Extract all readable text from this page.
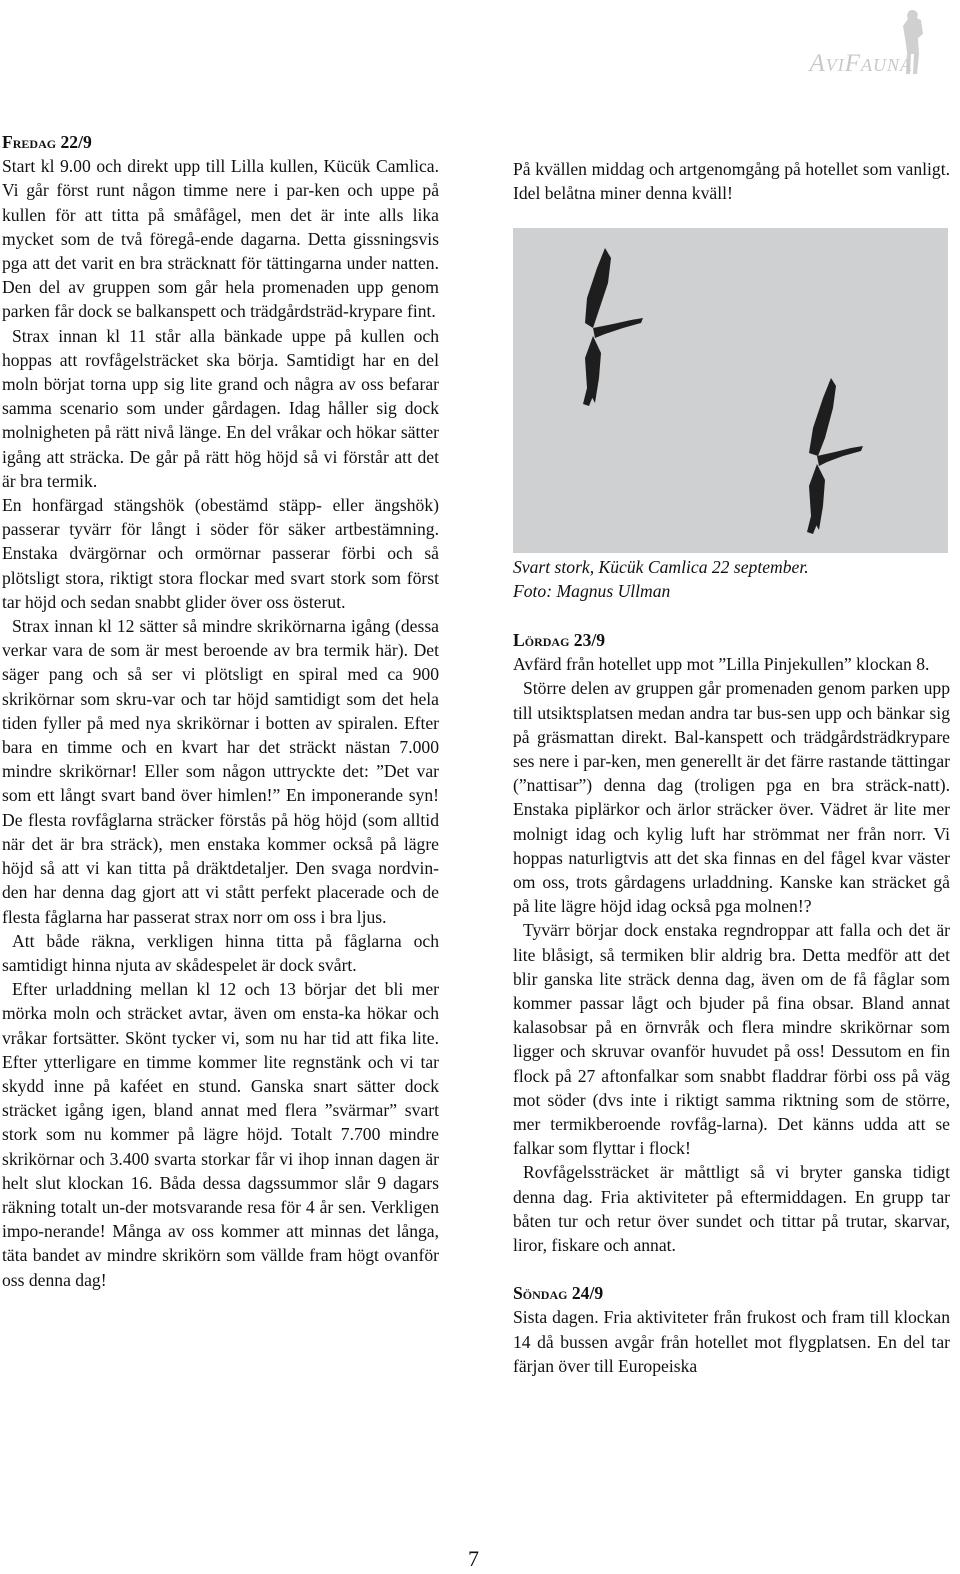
AviFauna

Fredag 22/9

Start kl 9.00 och direkt upp till Lilla kullen, Kücük Camlica. Vi går först runt någon timme nere i par-ken och uppe på kullen för att titta på småfågel, men det är inte alls lika mycket som de två föregå-ende dagarna. Detta gissningsvis pga att det varit en bra sträcknatt för tättingarna under natten. Den del av gruppen som går hela promenaden upp genom parken får dock se balkanspett och trädgårdsträd-krypare fint.

Strax innan kl 11 står alla bänkade uppe på kullen och hoppas att rovfågelsträcket ska börja. Samtidigt har en del moln börjat torna upp sig lite grand och några av oss befarar samma scenario som under gårdagen. Idag håller sig dock molnigheten på rätt nivå länge. En del vråkar och hökar sätter igång att sträcka. De går på rätt hög höjd så vi förstår att det är bra termik.

En honfärgad stängshök (obestämd stäpp- eller ängshök) passerar tyvärr för långt i söder för säker artbestämning. Enstaka dvärgörnar och ormörnar passerar förbi och så plötsligt stora, riktigt stora flockar med svart stork som först tar höjd och sedan snabbt glider över oss österut.

Strax innan kl 12 sätter så mindre skrikörnarna igång (dessa verkar vara de som är mest beroende av bra termik här). Det säger pang och så ser vi plötsligt en spiral med ca 900 skrikörnar som skru-var och tar höjd samtidigt som det hela tiden fyller på med nya skrikörnar i botten av spiralen. Efter bara en timme och en kvart har det sträckt nästan 7.000 mindre skrikörnar! Eller som någon uttryckte det: ”Det var som ett långt svart band över himlen!” En imponerande syn! De flesta rovfåglarna sträcker förstås på hög höjd (som alltid när det är bra sträck), men enstaka kommer också på lägre höjd så att vi kan titta på dräktdetaljer. Den svaga nordvin-den har denna dag gjort att vi stått perfekt placerade och de flesta fåglarna har passerat strax norr om oss i bra ljus.

Att både räkna, verkligen hinna titta på fåglarna och samtidigt hinna njuta av skådespelet är dock svårt.

Efter urladdning mellan kl 12 och 13 börjar det bli mer mörka moln och sträcket avtar, även om ensta-ka hökar och vråkar fortsätter. Skönt tycker vi, som nu har tid att fika lite. Efter ytterligare en timme kommer lite regnstänk och vi tar skydd inne på kaféet en stund. Ganska snart sätter dock sträcket igång igen, bland annat med flera ”svärmar” svart stork som nu kommer på lägre höjd. Totalt 7.700 mindre skrikörnar och 3.400 svarta storkar får vi ihop innan dagen är helt slut klockan 16. Båda dessa dagssummor slår 9 dagars räkning totalt un-der motsvarande resa för 4 år sen. Verkligen impo-nerande! Många av oss kommer att minnas det långa, täta bandet av mindre skrikörn som vällde fram högt ovanför oss denna dag!

På kvällen middag och artgenomgång på hotellet som vanligt. Idel belåtna miner denna kväll!

Svart stork, Kücük Camlica 22 september.
Foto: Magnus Ullman

Lördag 23/9

Avfärd från hotellet upp mot ”Lilla Pinjekullen” klockan 8.

Större delen av gruppen går promenaden genom parken upp till utsiktsplatsen medan andra tar bus-sen upp och bänkar sig på gräsmattan direkt. Bal-kanspett och trädgårdsträdkrypare ses nere i par-ken, men generellt är det färre rastande tättingar (”nattisar”) denna dag (troligen pga en bra sträck-natt). Enstaka piplärkor och ärlor sträcker över. Vädret är lite mer molnigt idag och kylig luft har strömmat ner från norr. Vi hoppas naturligtvis att det ska finnas en del fågel kvar väster om oss, trots gårdagens urladdning. Kanske kan sträcket gå på lite lägre höjd idag också pga molnen!?

Tyvärr börjar dock enstaka regndroppar att falla och det är lite blåsigt, så termiken blir aldrig bra. Detta medför att det blir ganska lite sträck denna dag, även om de få fåglar som kommer passar lågt och bjuder på fina obsar. Bland annat kalasobsar på en örnvråk och flera mindre skrikörnar som ligger och skruvar ovanför huvudet på oss! Dessutom en fin flock på 27 aftonfalkar som snabbt fladdrar förbi oss på väg mot söder (dvs inte i riktigt samma riktning som de större, mer termikberoende rovfåg-larna). Det känns udda att se falkar som flyttar i flock!

Rovfågelssträcket är måttligt så vi bryter ganska tidigt denna dag. Fria aktiviteter på eftermiddagen. En grupp tar båten tur och retur över sundet och tittar på trutar, skarvar, liror, fiskare och annat.

Söndag 24/9

Sista dagen. Fria aktiviteter från frukost och fram till klockan 14 då bussen avgår från hotellet mot flygplatsen. En del tar färjan över till Europeiska

7
